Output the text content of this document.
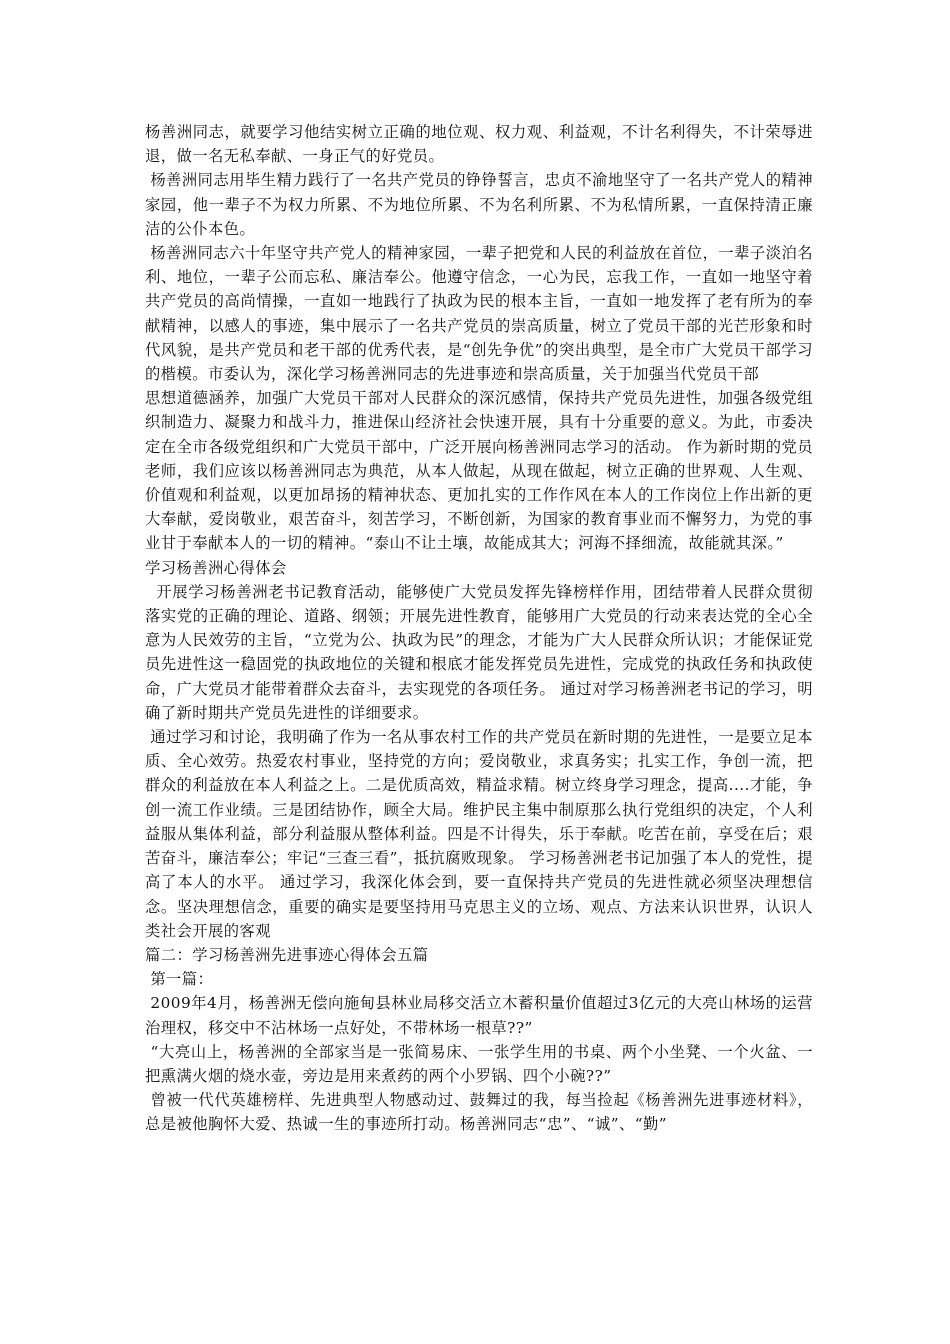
杨善洲同志，就要学习他结实树立正确的地位观、权力观、利益观，不计名利得失，不计荣辱进退，做一名无私奉献、一身正气的好党员。

杨善洲同志用毕生精力践行了一名共产党员的铮铮誓言，忠贞不渝地坚守了一名共产党人的精神家园，他一辈子不为权力所累、不为地位所累、不为名利所累、不为私情所累，一直保持清正廉洁的公仆本色。

杨善洲同志六十年坚守共产党人的精神家园，一辈子把党和人民的利益放在首位，一辈子淡泊名利、地位，一辈子公而忘私、廉洁奉公。他遵守信念，一心为民，忘我工作，一直如一地坚守着共产党员的高尚情操，一直如一地践行了执政为民的根本主旨，一直如一地发挥了老有所为的奉献精神，以感人的事迹，集中展示了一名共产党员的崇高质量，树立了党员干部的光芒形象和时代风貌，是共产党员和老干部的优秀代表，是“创先争优”的突出典型，是全市广大党员干部学习的楷模。市委认为，深化学习杨善洲同志的先进事迹和崇高质量，关于加强当代党员干部

思想道德涵养，加强广大党员干部对人民群众的深沉感情，保持共产党员先进性，加强各级党组织制造力、凝聚力和战斗力，推进保山经济社会快速开展，具有十分重要的意义。为此，市委决定在全市各级党组织和广大党员干部中，广泛开展向杨善洲同志学习的活动。 作为新时期的党员老师，我们应该以杨善洲同志为典范，从本人做起，从现在做起，树立正确的世界观、人生观、价值观和利益观，以更加昂扬的精神状态、更加扎实的工作作风在本人的工作岗位上作出新的更大奉献，爱岗敬业，艰苦奋斗，刻苦学习，不断创新，为国家的教育事业而不懈努力，为党的事业甘于奉献本人的一切的精神。“泰山不让土壤，故能成其大；河海不择细流，故能就其深。”

学习杨善洲心得体会

开展学习杨善洲老书记教育活动，能够使广大党员发挥先锋榜样作用，团结带着人民群众贯彻落实党的正确的理论、道路、纲领；开展先进性教育，能够用广大党员的行动来表达党的全心全意为人民效劳的主旨，“立党为公、执政为民”的理念，才能为广大人民群众所认识；才能保证党员先进性这一稳固党的执政地位的关键和根底才能发挥党员先进性，完成党的执政任务和执政使命，广大党员才能带着群众去奋斗，去实现党的各项任务。 通过对学习杨善洲老书记的学习，明确了新时期共产党员先进性的详细要求。

通过学习和讨论，我明确了作为一名从事农村工作的共产党员在新时期的先进性，一是要立足本质、全心效劳。热爱农村事业，坚持党的方向；爱岗敬业，求真务实；扎实工作，争创一流，把群众的利益放在本人利益之上。二是优质高效，精益求精。树立终身学习理念，提高....才能，争创一流工作业绩。三是团结协作，顾全大局。维护民主集中制原那么执行党组织的决定，个人利益服从集体利益，部分利益服从整体利益。四是不计得失，乐于奉献。吃苦在前，享受在后；艰苦奋斗，廉洁奉公；牢记“三查三看”，抵抗腐败现象。 学习杨善洲老书记加强了本人的党性，提高了本人的水平。 通过学习，我深化体会到，要一直保持共产党员的先进性就必须坚决理想信念。坚决理想信念，重要的确实是要坚持用马克思主义的立场、观点、方法来认识世界，认识人类社会开展的客观

篇二：学习杨善洲先进事迹心得体会五篇

第一篇：

2009年4月，杨善洲无偿向施甸县林业局移交活立木蓄积量价值超过3亿元的大亮山林场的运营治理权，移交中不沾林场一点好处，不带林场一根草??”

“大亮山上，杨善洲的全部家当是一张简易床、一张学生用的书桌、两个小坐凳、一个火盆、一把熏满火烟的烧水壶，旁边是用来煮药的两个小罗锅、四个小碗??”

曾被一代代英雄榜样、先进典型人物感动过、鼓舞过的我，每当捡起《杨善洲先进事迹材料》，总是被他胸怀大爱、热诚一生的事迹所打动。杨善洲同志“忠”、“诚”、“勤”
